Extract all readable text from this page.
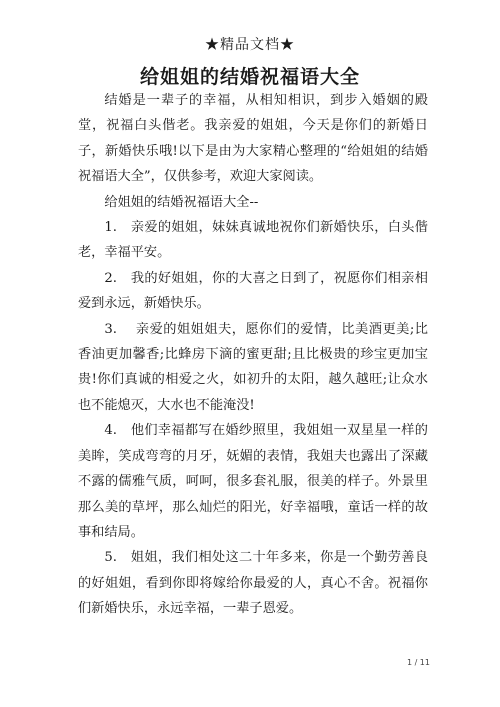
★精品文档★
给姐姐的结婚祝福语大全

结婚是一辈子的幸福，从相知相识，到步入婚姻的殿堂，祝福白头偕老。我亲爱的姐姐，今天是你们的新婚日子，新婚快乐哦!以下是由为大家精心整理的“给姐姐的结婚祝福语大全”，仅供参考，欢迎大家阅读。

给姐姐的结婚祝福语大全--

1.　亲爱的姐姐，妹妹真诚地祝你们新婚快乐，白头偕老，幸福平安。

2.　我的好姐姐，你的大喜之日到了，祝愿你们相亲相爱到永远，新婚快乐。

3.　 亲爱的姐姐姐夫，愿你们的爱情，比美酒更美;比香油更加馨香;比蜂房下滴的蜜更甜;且比极贵的珍宝更加宝贵!你们真诚的相爱之火，如初升的太阳，越久越旺;让众水也不能熄灭，大水也不能淹没!

4.　他们幸福都写在婚纱照里，我姐姐一双星星一样的美眸，笑成弯弯的月牙，妩媚的表情，我姐夫也露出了深藏不露的儒雅气质，呵呵，很多套礼服，很美的样子。外景里那么美的草坪，那么灿烂的阳光，好幸福哦，童话一样的故事和结局。

5.　姐姐，我们相处这二十年多来，你是一个勤劳善良的好姐姐，看到你即将嫁给你最爱的人，真心不舍。祝福你们新婚快乐，永远幸福，一辈子恩爱。

1 / 11
